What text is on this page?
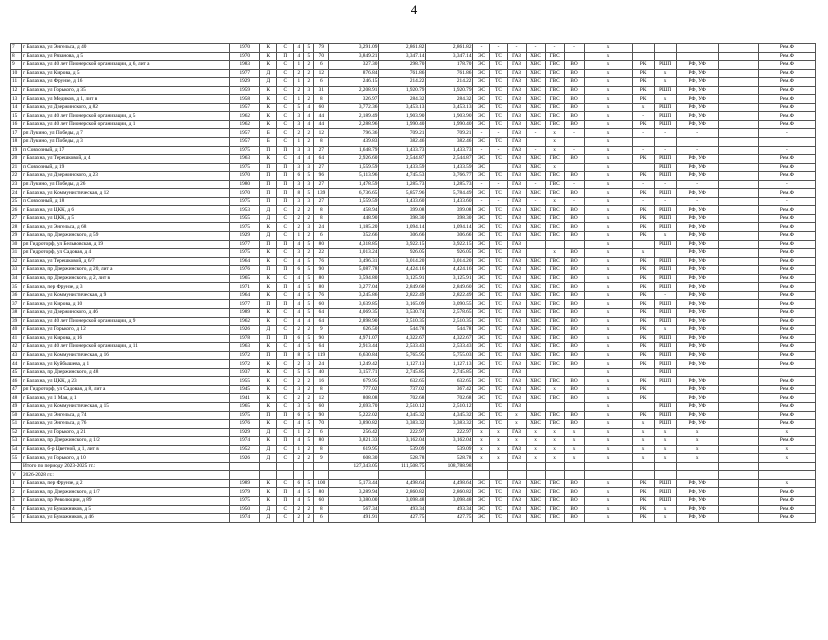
4
7	г Балахна, ул Энгельса, д 40	1970	К	С	4	5	79	3,291.09	2,861.82	2,861.82	-	-	-	-	-	-	х					Рем.Ф
8	г Балахна, ул Рязанова, д 5	1970	К	П	4	5	70	3,849.21	3,347.14	3,347.14	ЭС	ТС	ГАЗ	ХВС	ГВС		х					Рем.Ф
9	г Балахна, ул 40 лет Пионерской организации, д 6, лит а	1983	К	С	1	2	6	327.30	298.70	178.70	ЭС	ТС	ГАЗ	ХВС	ГВС	ВО	х	РК	РШП	РФ, УФ		Рем.Ф
10	г Балахна, ул Кирова, д 5	1977	Д	С	2	2	12	876.84	761.86	761.86	ЭС	ТС	ГАЗ	ХВС	ГВС	ВО	х	РК	х	РФ, УФ		Рем.Ф
11	г Балахна, ул Фрунзе, д 16	1929	Д	С	1	2	6	246.15	214.22	214.22	ЭС	ТС	ГАЗ	ХВС	ГВС	ВО	х	РК	х	РФ, УФ		Рем.Ф
12	г Балахна, ул Горького, д 35	1959	К	С	2	3	31	2,208.91	1,920.79	1,920.79	ЭС	ТС	ГАЗ	ХВС	ГВС	ВО	х	РК	РШП	РФ, УФ		Рем.Ф
13	г Балахна, ул Медиков, д 1, лит в	1958	К	С	1	2	8	326.97	284.32	284.32	ЭС	ТС	ГАЗ	ХВС	ГВС	ВО	х	РК	х	РФ, УФ		Рем.Ф
14	г Балахна, ул Дзержинского, д 82	1957	К	С	5	4	60	3,772.36	3,453.13	3,453.13	ЭС	ТС	ГАЗ	ХВС	ГВС	ВО	х	х	РШП	РФ, УФ		Рем.Ф
15	г Балахна, ул 40 лет Пионерской организации, д 5	1962	К	С	3	4	44	2,189.49	1,903.90	1,903.90	ЭС	ТС	ГАЗ	ХВС	ГВС	ВО	х	-	РШП	РФ, УФ		Рем.Ф
16	г Балахна, ул 40 лет Пионерской организации, д 1	1962	К	С	3	4	44	2,288.96	1,990.40	1,990.40	ЭС	ТС	ГАЗ	ХВС	ГВС	ВО	х	РК	РШП	РФ, УФ		Рем.Ф
17	рп Лукино, ул Победы, д 7	1957	Б	С	2	2	12	796.36	709.21	709.21	-	-	ГАЗ	-	х	-	х	-	-	-		-
18	рп Лукино, ул Победы, д 3	1957	Б	С	1	2	8	439.83	382.46	382.46	ЭС	ТС	ГАЗ		х		х					
19	п Совхозный, д 17	1975	П	П	3	3	27	1,648.79	1,433.73	1,433.73	-	-	ГАЗ	-	х	-	х	-	-	-		-
20	г Балахна, ул Терешковой, д 4	1963	К	С	4	4	64	2,926.60	2,544.87	2,544.87	ЭС	ТС	ГАЗ	ХВС	ГВС	ВО	х	РК	РШП	РФ, УФ		Рем.Ф
21	п Совхозный, д 19	1975	П	П	3	3	27	1,559.59	1,433.59	1,433.59	ЭС		ГАЗ	ХВС	х		х		РШП	РФ, УФ		Рем.Ф
22	г Балахна, ул Дзержинского, д 23	1970	П	П	6	5	96	5,113.96	4,745.53	3,766.77	ЭС	ТС	ГАЗ	ХВС	ГВС	ВО	х	РК	РШП	РФ, УФ		Рем.Ф
23	рп Лукино, ул Победы, д 26	1980	П	П	3	3	27	1,478.59	1,285.73	1,285.73	-	-	ГАЗ	-	ГВС	-	х	-	-	-		-
24	г Балахна, ул Коммунистическая, д 12	1970	П	П	8	5	139	6,736.65	5,857.96	5,784.49	ЭС	ТС	ГАЗ	ХВС	ГВС	ВО	х	РК	РШП	РФ, УФ		Рем.Ф
25	п Совхозный, д 18	1975	П	П	3	3	27	1,559.59	1,433.60	1,433.60	-	-	ГАЗ	-	х	-	х	-	-	-		-
26	г Балахна, ул ЦКК, д 6	1953	Д	С	2	2	8	458.94	399.08	399.08	ЭС	ТС	ГАЗ	ХВС	ГВС	ВО	х	РК	РШП	РФ, УФ		Рем.Ф
27	г Балахна, ул ЦКК, д 5	1955	Д	С	2	2	8	448.90	398.30	398.30	ЭС	ТС	ГАЗ	ХВС	ГВС	ВО	х	РК	РШП	РФ, УФ		Рем.Ф
28	г Балахна, ул Энгельса, д 68	1975	К	С	2	3	24	1,185.20	1,094.14	1,094.14	ЭС	ТС	ГАЗ	ХВС	ГВС	ВО	х	РК	РШП	РФ, УФ		Рем.Ф
29	г Балахна, пр Дзержинского, д 59	1929	Д	С	1	2	6	352.66	306.66	306.66	ЭС	ТС	ГАЗ	ХВС	ГВС	ВО	х	РК	х	РФ, УФ		Рем.Ф
30	рп Гидроторф, ул Бельвовская, д 19	1977	П	П	4	5	80	4,318.85	3,922.15	3,922.15	ЭС	ТС	ГАЗ				х		РШП	РФ, УФ		Рем.Ф
31	рп Гидроторф, ул Садовая, д 4	1975	К	С	3	2	22	1,013.24	926.05	926.05	ЭС	ТС	ГАЗ		х	ВО	х	х		РФ, УФ		Рем.Ф
32	г Балахна, ул Терешковой, д 6/7	1964	К	С	4	5	76	3,496.31	3,014.20	3,014.20	ЭС	ТС	ГАЗ	ХВС	ГВС	ВО	х	РК	РШП	РФ, УФ		Рем.Ф
33	г Балахна, пр Дзержинского, д 20, лит а	1976	П	П	6	5	90	5,087.78	4,424.16	4,424.16	ЭС	ТС	ГАЗ	ХВС	ГВС	ВО	х	РК	РШП	РФ, УФ		Рем.Ф
34	г Балахна, пр Дзержинского, д 2, лит в	1965	К	С	4	5	80	3,594.80	3,125.91	3,125.91	ЭС	ТС	ГАЗ	ХВС	ГВС	ВО	х	РК	РШП	РФ, УФ		Рем.Ф
35	г Балахна, пер Фрунзе, д 3	1971	К	П	4	5	80	3,277.04	2,849.60	2,849.60	ЭС	ТС	ГАЗ	ХВС	ГВС	ВО	х	РК	РШП	РФ, УФ		Рем.Ф
36	г Балахна, ул Коммунистическая, д 9	1964	К	С	4	5	76	3,245.86	2,822.49	2,822.49	ЭС	ТС	ГАЗ	ХВС	ГВС	ВО	х	РК	-	РФ, УФ		Рем.Ф
37	г Балахна, ул Кирова, д 10	1977	П	П	4	5	60	3,639.85	3,165.09	3,090.55	ЭС	ТС	ГАЗ	ХВС	ГВС	ВО	х	РК	РШП	РФ, УФ		Рем.Ф
38	г Балахна, ул Дзержинского, д 46	1989	К	С	4	5	64	4,069.35	3,530.74	2,578.65	ЭС	ТС	ГАЗ	ХВС	ГВС	ВО	х	РК	РШП	РФ, УФ		Рем.Ф
39	г Балахна, ул 40 лет Пионерской организации, д 9	1962	К	С	4	4	64	2,898.90	2,510.35	2,510.35	ЭС	ТС	ГАЗ	ХВС	ГВС	ВО	х	РК	РШП	РФ, УФ		Рем.Ф
40	г Балахна, ул Горького, д 12	1926	Д	С	2	2	9	626.50	544.78	544.78	ЭС	ТС	ГАЗ	ХВС	ГВС	ВО	х	РК	х	РФ, УФ		Рем.Ф
41	г Балахна, ул Кирова, д 16	1978	П	П	6	5	90	4,971.07	4,322.67	4,322.67	ЭС	ТС	ГАЗ	ХВС	ГВС	ВО	х	РК	РШП	РФ, УФ		Рем.Ф
42	г Балахна, ул 40 лет Пионерской организации, д 11	1963	К	С	4	5	64	2,913.44	2,533.43	2,533.43	ЭС	ТС	ГАЗ	ХВС	ГВС	ВО	х	РК	РШП	РФ, УФ		Рем.Ф
43	г Балахна, ул Коммунистическая, д 16	1972	П	П	8	5	119	6,630.84	5,765.95	5,755.03	ЭС	ТС	ГАЗ	ХВС	ГВС	ВО	х	РК	РШП	РФ, УФ		Рем.Ф
44	г Балахна, ул Куйбышева, д 1	1972	К	С	2	3	24	1,249.42	1,127.13	1,127.13	ЭС	ТС	ГАЗ	ХВС	ГВС	ВО	х	РК	РШП	РФ, УФ		Рем.Ф
45	г Балахна, пр Дзержинского, д 48	1937	К	С	5	5	40	3,157.71	2,745.85	2,745.85	ЭС		ГАЗ				х		РШП			
46	г Балахна, ул ЦКК, д 23	1955	К	С	2	2	16	679.95	632.65	632.65	ЭС	ТС	ГАЗ	ХВС	ГВС	ВО	х	РК	РШП	РФ, УФ		Рем.Ф
47	рп Гидроторф, ул Садовая, д 8, лит а	1945	К	С	3	2	8	777.02	737.02	367.42	ЭС	ТС	ГАЗ	ХВС	х	ВО	х	РК		РФ, УФ		Рем.Ф
48	г Балахна, ул 1 Мая, д 1	1941	К	С	2	2	12	808.08	702.68	702.68	ЭС	ТС	ГАЗ	ХВС	ГВС	ВО	х	РК		РФ, УФ		Рем.Ф
49	г Балахна, ул Коммунистическая, д 15	1965	К	С	3	5	60	2,693.70	2,510.12	2,510.12		ТС	ГАЗ				х		РШП	РФ, УФ		Рем.Ф
50	г Балахна, ул Энгельса, д 74	1975	П	П	6	5	90	5,222.02	4,345.32	4,345.32	ЭС	ТС	х	ХВС	ГВС	ВО	х	РК	РШП	РФ, УФ		Рем.Ф
51	г Балахна, ул Энгельса, д 76	1976	К	С	4	5	70	3,890.82	3,383.32	3,383.32	ЭС	ТС	х	ХВС	ГВС	ВО	х	х	РШП	РФ, УФ		Рем.Ф
52	г Балахна, ул Горького, д 21	1929	Д	С	1	2	6	256.42	222.97	222.97	х	х	ГАЗ	х	х	х	х	х	х	х		х
53	г Балахна, пр Дзержинского, д 1/2	1974	К	П	4	5	80	3,821.33	3,162.04	3,162.04	х	х	х	х	х	х	х	х	х	х		Рем.Ф
54	г Балахна, б-р Цветной, д 1, лит в	1952	Д	С	1	2	8	619.95	539.09	539.09	х	х	ГАЗ	х	х	х	х	х	х	х		х
55	г Балахна, ул Горького, д 10	1926	Д	С	2	2	9	608.30	528.78	528.78	х	х	ГАЗ	х	х	х	х	х	х	х		х
	Итого по периоду 2023-2025 гг.:							127,343.05	111,508.75	108,788.98												
V	2026-2028 гг.:																					
1	г Балахна, пер Фрунзе, д 2	1989	К	С	6	5	100	5,173.44	4,498.64	4,498.64	ЭС	ТС	ГАЗ	ХВС	ГВС	ВО	х	РК	РШП	РФ, УФ		х
2	г Балахна, пр Дзержинского, д 1/7	1979	К	П	4	5	80	3,289.94	2,860.82	2,860.82	ЭС	ТС	ГАЗ	ХВС	ГВС	ВО	х	РК	РШП	РФ, УФ		Рем.Ф
3	г Балахна, пр Революции, д 89	1975	К	П	4	5	60	3,380.00	3,098.48	3,098.48	ЭС	ТС	ГАЗ	ХВС	ГВС	ВО	х	РК	РШП	РФ, УФ		Рем.Ф
4	г Балахна, ул Бумажников, д 5	1950	Д	С	2	2	8	567.34	493.34	493.34	ЭС	ТС	ГАЗ	ХВС	ГВС	ВО	х	РК	х	РФ, УФ		Рем.Ф
5	г Балахна, ул Бумажников, д 46	1974	Д	С	2	2	6	491.91	427.75	427.75	ЭС	ТС	ГАЗ	ХВС	ГВС	ВО	х	РК	х	РФ, УФ		Рем.Ф
